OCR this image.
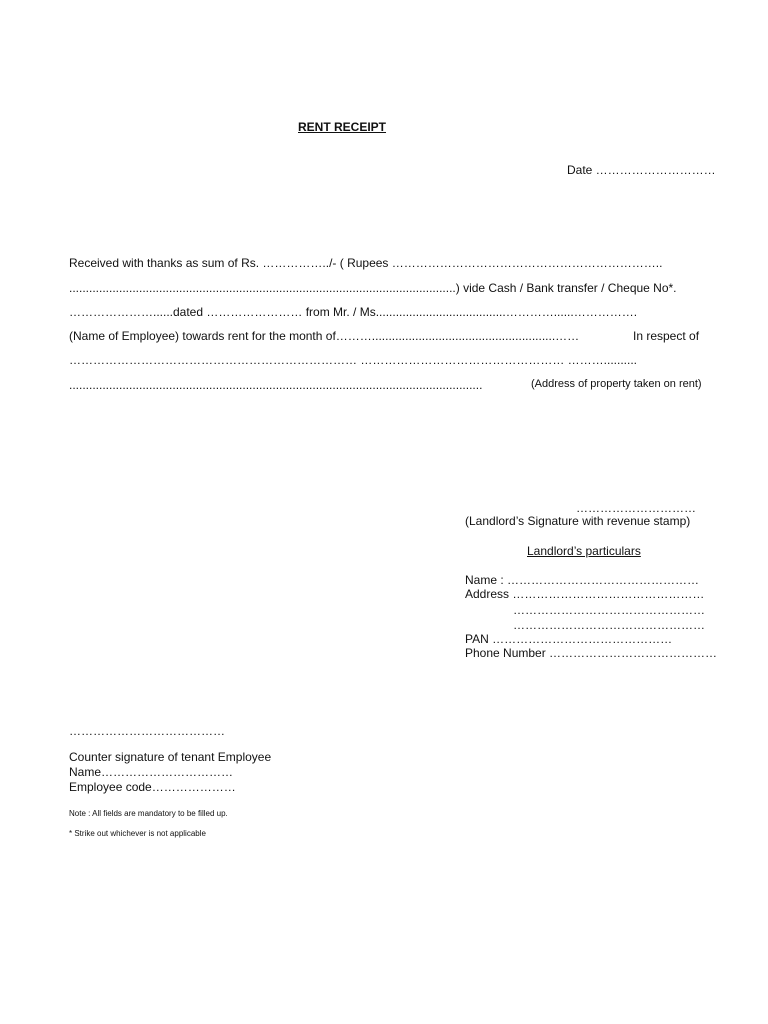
RENT RECEIPT
Date …………………………
Received with thanks as sum of Rs. ……………../- ( Rupees …………………………………………………………..
....................................................................................................................) vide Cash / Bank transfer / Cheque No*.
…………………......dated …………………… from Mr. / Ms.......................................…………......…………….
(Name of Employee) towards rent for the month of……….......................................................……	In respect of
……………………………………………………………… …………………………………………… ………..........
............................................................................................................................	(Address of property taken on rent)
…………………………
(Landlord’s Signature with revenue stamp)
Landlord’s particulars
Name : …………………………………………
Address …………………………………………
…………………………………………
…………………………………………
PAN ………………………………………
Phone Number ……………………………………
…………………………………
Counter signature of tenant Employee
Name……………………………
Employee code…………………
Note : All fields are mandatory to be filled up.
* Strike out whichever is not applicable
